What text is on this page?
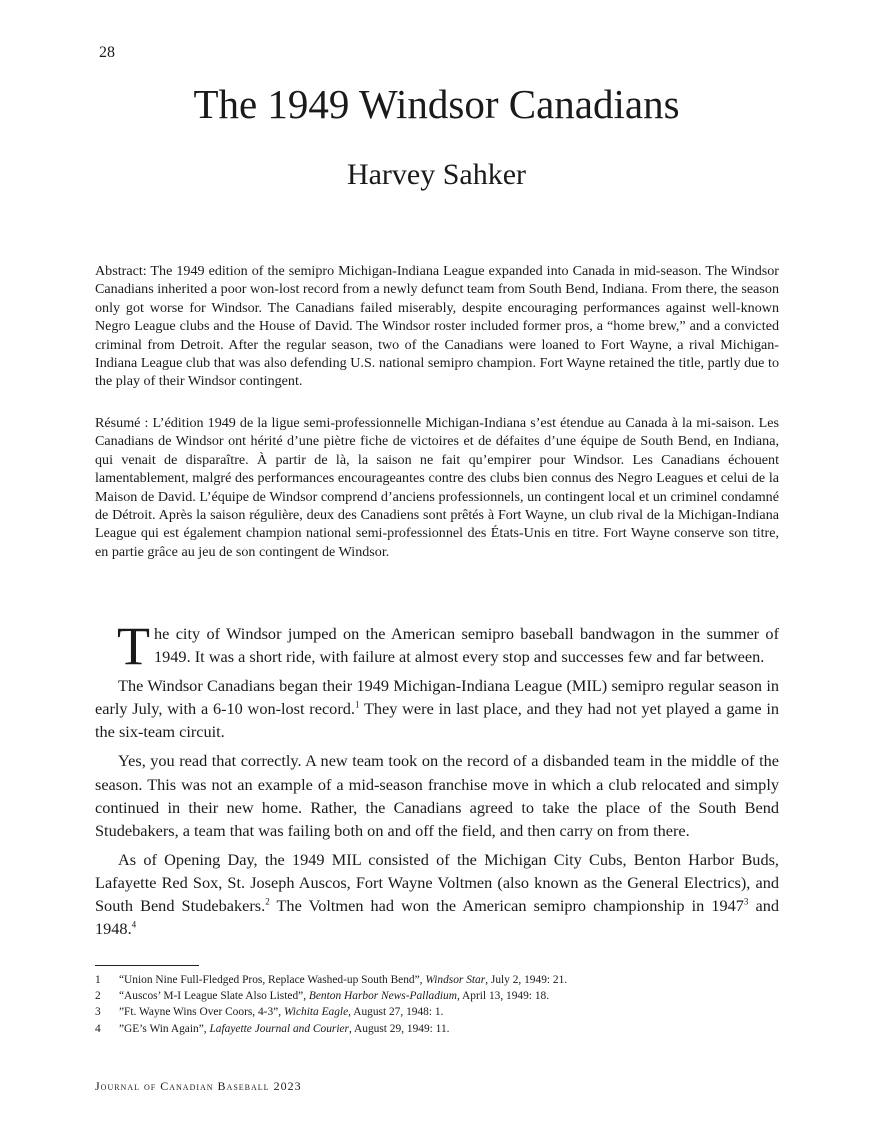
28
The 1949 Windsor Canadians
Harvey Sahker

Abstract: The 1949 edition of the semipro Michigan-Indiana League expanded into Canada in mid-season. The Windsor Canadians inherited a poor won-lost record from a newly defunct team from South Bend, Indiana. From there, the season only got worse for Windsor. The Canadians failed miserably, despite encouraging performances against well-known Negro League clubs and the House of David. The Windsor roster included former pros, a “home brew,” and a convicted criminal from Detroit. After the regular season, two of the Canadians were loaned to Fort Wayne, a rival Michigan-Indiana League club that was also defending U.S. national semipro champion. Fort Wayne retained the title, partly due to the play of their Windsor contingent.

Résumé : L’édition 1949 de la ligue semi-professionnelle Michigan-Indiana s’est étendue au Canada à la mi-saison. Les Canadians de Windsor ont hérité d’une piètre fiche de victoires et de défaites d’une équipe de South Bend, en Indiana, qui venait de disparaître. À partir de là, la saison ne fait qu’empirer pour Windsor. Les Canadians échouent lamentablement, malgré des performances encourageantes contre des clubs bien connus des Negro Leagues et celui de la Maison de David. L’équipe de Windsor comprend d’anciens professionnels, un contingent local et un criminel condamné de Détroit. Après la saison régulière, deux des Canadiens sont prêtés à Fort Wayne, un club rival de la Michigan-Indiana League qui est également champion national semi-professionnel des États-Unis en titre. Fort Wayne conserve son titre, en partie grâce au jeu de son contingent de Windsor.

The city of Windsor jumped on the American semipro baseball bandwagon in the summer of 1949. It was a short ride, with failure at almost every stop and successes few and far between.

The Windsor Canadians began their 1949 Michigan-Indiana League (MIL) semipro regular season in early July, with a 6-10 won-lost record.$^1$ They were in last place, and they had not yet played a game in the six-team circuit.

Yes, you read that correctly. A new team took on the record of a disbanded team in the middle of the season. This was not an example of a mid-season franchise move in which a club relocated and simply continued in their new home. Rather, the Canadians agreed to take the place of the South Bend Studebakers, a team that was failing both on and off the field, and then carry on from there.

As of Opening Day, the 1949 MIL consisted of the Michigan City Cubs, Benton Harbor Buds, Lafayette Red Sox, St. Joseph Auscos, Fort Wayne Voltmen (also known as the General Electrics), and South Bend Studebakers.$^2$ The Voltmen had won the American semipro championship in 1947$^3$ and 1948.$^4$

1	“Union Nine Full-Fledged Pros, Replace Washed-up South Bend”, Windsor Star, July 2, 1949: 21.
2	“Auscos’ M-I League Slate Also Listed”, Benton Harbor News-Palladium, April 13, 1949: 18.
3	”Ft. Wayne Wins Over Coors, 4-3”, Wichita Eagle, August 27, 1948: 1.
4	”GE’s Win Again”, Lafayette Journal and Courier, August 29, 1949: 11.
Journal of Canadian Baseball 2023
